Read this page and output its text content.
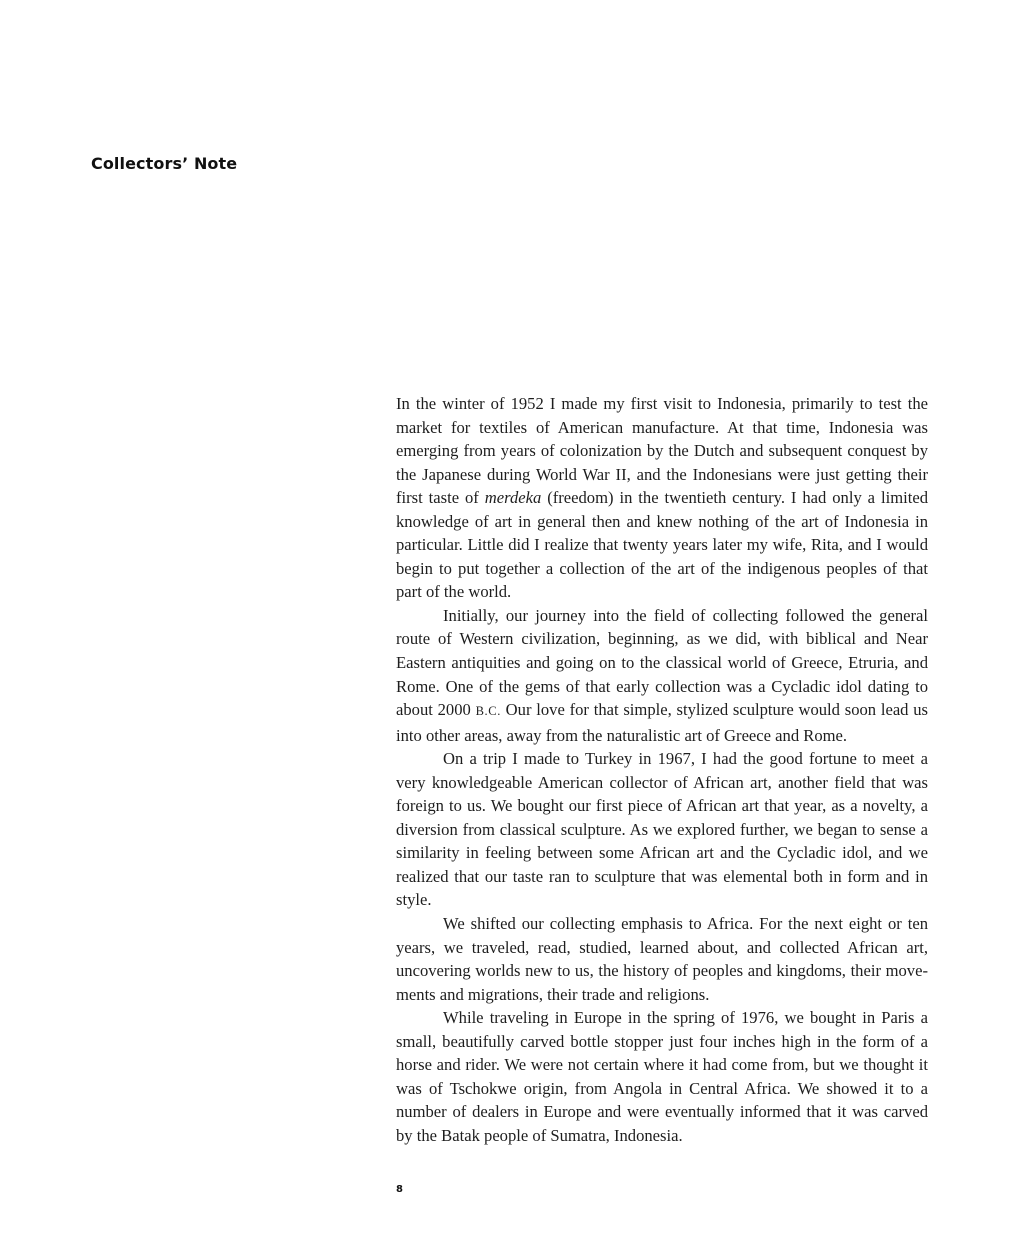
Collectors’ Note

In the winter of 1952 I made my first visit to Indonesia, primarily to test the market for textiles of American manufacture. At that time, Indonesia was emerging from years of colonization by the Dutch and subsequent conquest by the Japanese during World War II, and the Indonesians were just getting their first taste of merdeka (freedom) in the twentieth century. I had only a limited knowledge of art in general then and knew nothing of the art of Indonesia in particular. Little did I realize that twenty years later my wife, Rita, and I would begin to put together a collection of the art of the indigenous peoples of that part of the world.

Initially, our journey into the field of collecting followed the general route of Western civilization, beginning, as we did, with biblical and Near Eastern antiquities and going on to the classical world of Greece, Etruria, and Rome. One of the gems of that early collection was a Cycladic idol dating to about 2000 B.C. Our love for that simple, stylized sculpture would soon lead us into other areas, away from the naturalistic art of Greece and Rome.

On a trip I made to Turkey in 1967, I had the good fortune to meet a very knowledgeable American collector of African art, another field that was foreign to us. We bought our first piece of African art that year, as a novelty, a diversion from classical sculpture. As we explored further, we began to sense a similarity in feeling between some African art and the Cycladic idol, and we realized that our taste ran to sculpture that was elemental both in form and in style.

We shifted our collecting emphasis to Africa. For the next eight or ten years, we traveled, read, studied, learned about, and collected African art, uncovering worlds new to us, the history of peoples and kingdoms, their movements and migrations, their trade and religions.

While traveling in Europe in the spring of 1976, we bought in Paris a small, beautifully carved bottle stopper just four inches high in the form of a horse and rider. We were not certain where it had come from, but we thought it was of Tschokwe origin, from Angola in Central Africa. We showed it to a number of dealers in Europe and were eventually informed that it was carved by the Batak people of Sumatra, Indonesia.

8
